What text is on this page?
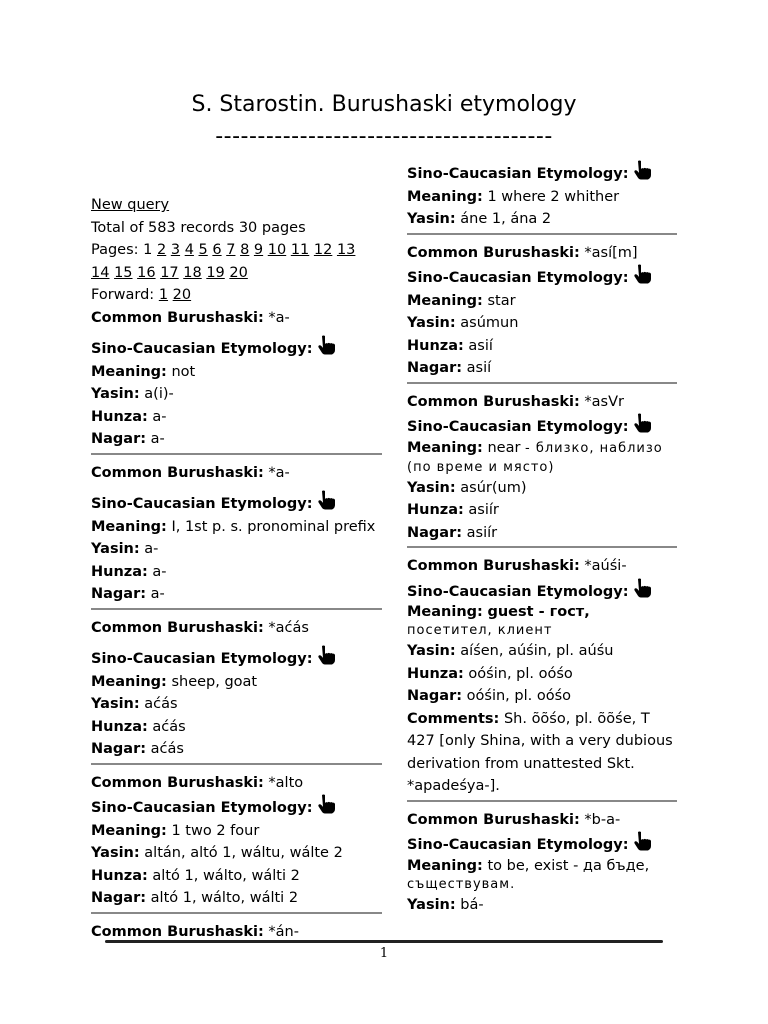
S. Starostin. Burushaski etymology
----------------------------------------
New query
Total of 583 records 30 pages
Pages: 1 2 3 4 5 6 7 8 9 10 11 12 13
14 15 16 17 18 19 20
Forward: 1 20
Common Burushaski: *a-
Sino-Caucasian Etymology:
Meaning: not
Yasin: a(i)-
Hunza: a-
Nagar: a-
Common Burushaski: *a-
Sino-Caucasian Etymology:
Meaning: I, 1st p. s. pronominal prefix
Yasin: a-
Hunza: a-
Nagar: a-
Common Burushaski: *aćás
Sino-Caucasian Etymology:
Meaning: sheep, goat
Yasin: aćás
Hunza: aćás
Nagar: aćás
Common Burushaski: *alto
Sino-Caucasian Etymology:
Meaning: 1 two 2 four
Yasin: altán, altó 1, wáltu, wálte 2
Hunza: altó 1, wálto, wálti 2
Nagar: altó 1, wálto, wálti 2
Common Burushaski: *án-
Sino-Caucasian Etymology:
Meaning: 1 where 2 whither
Yasin: áne 1, ána 2
Common Burushaski: *así[m]
Sino-Caucasian Etymology:
Meaning: star
Yasin: asúmun
Hunza: asií
Nagar: asií
Common Burushaski: *asVr
Sino-Caucasian Etymology:
Meaning: near - близко, наблизо (по време и място)
Yasin: asúr(um)
Hunza: asiír
Nagar: asiír
Common Burushaski: *aúśi-
Sino-Caucasian Etymology:
Meaning: guest - гост, посетител, клиент
Yasin: aíśen, aúśin, pl. aúśu
Hunza: oóśin, pl. oóśo
Nagar: oóśin, pl. oóśo
Comments: Sh. õõśo, pl. õõśe, T 427 [only Shina, with a very dubious derivation from unattested Skt. *apadeśya-].
Common Burushaski: *b-a-
Sino-Caucasian Etymology:
Meaning: to be, exist - да бъде, съществувам.
Yasin: bá-
1
